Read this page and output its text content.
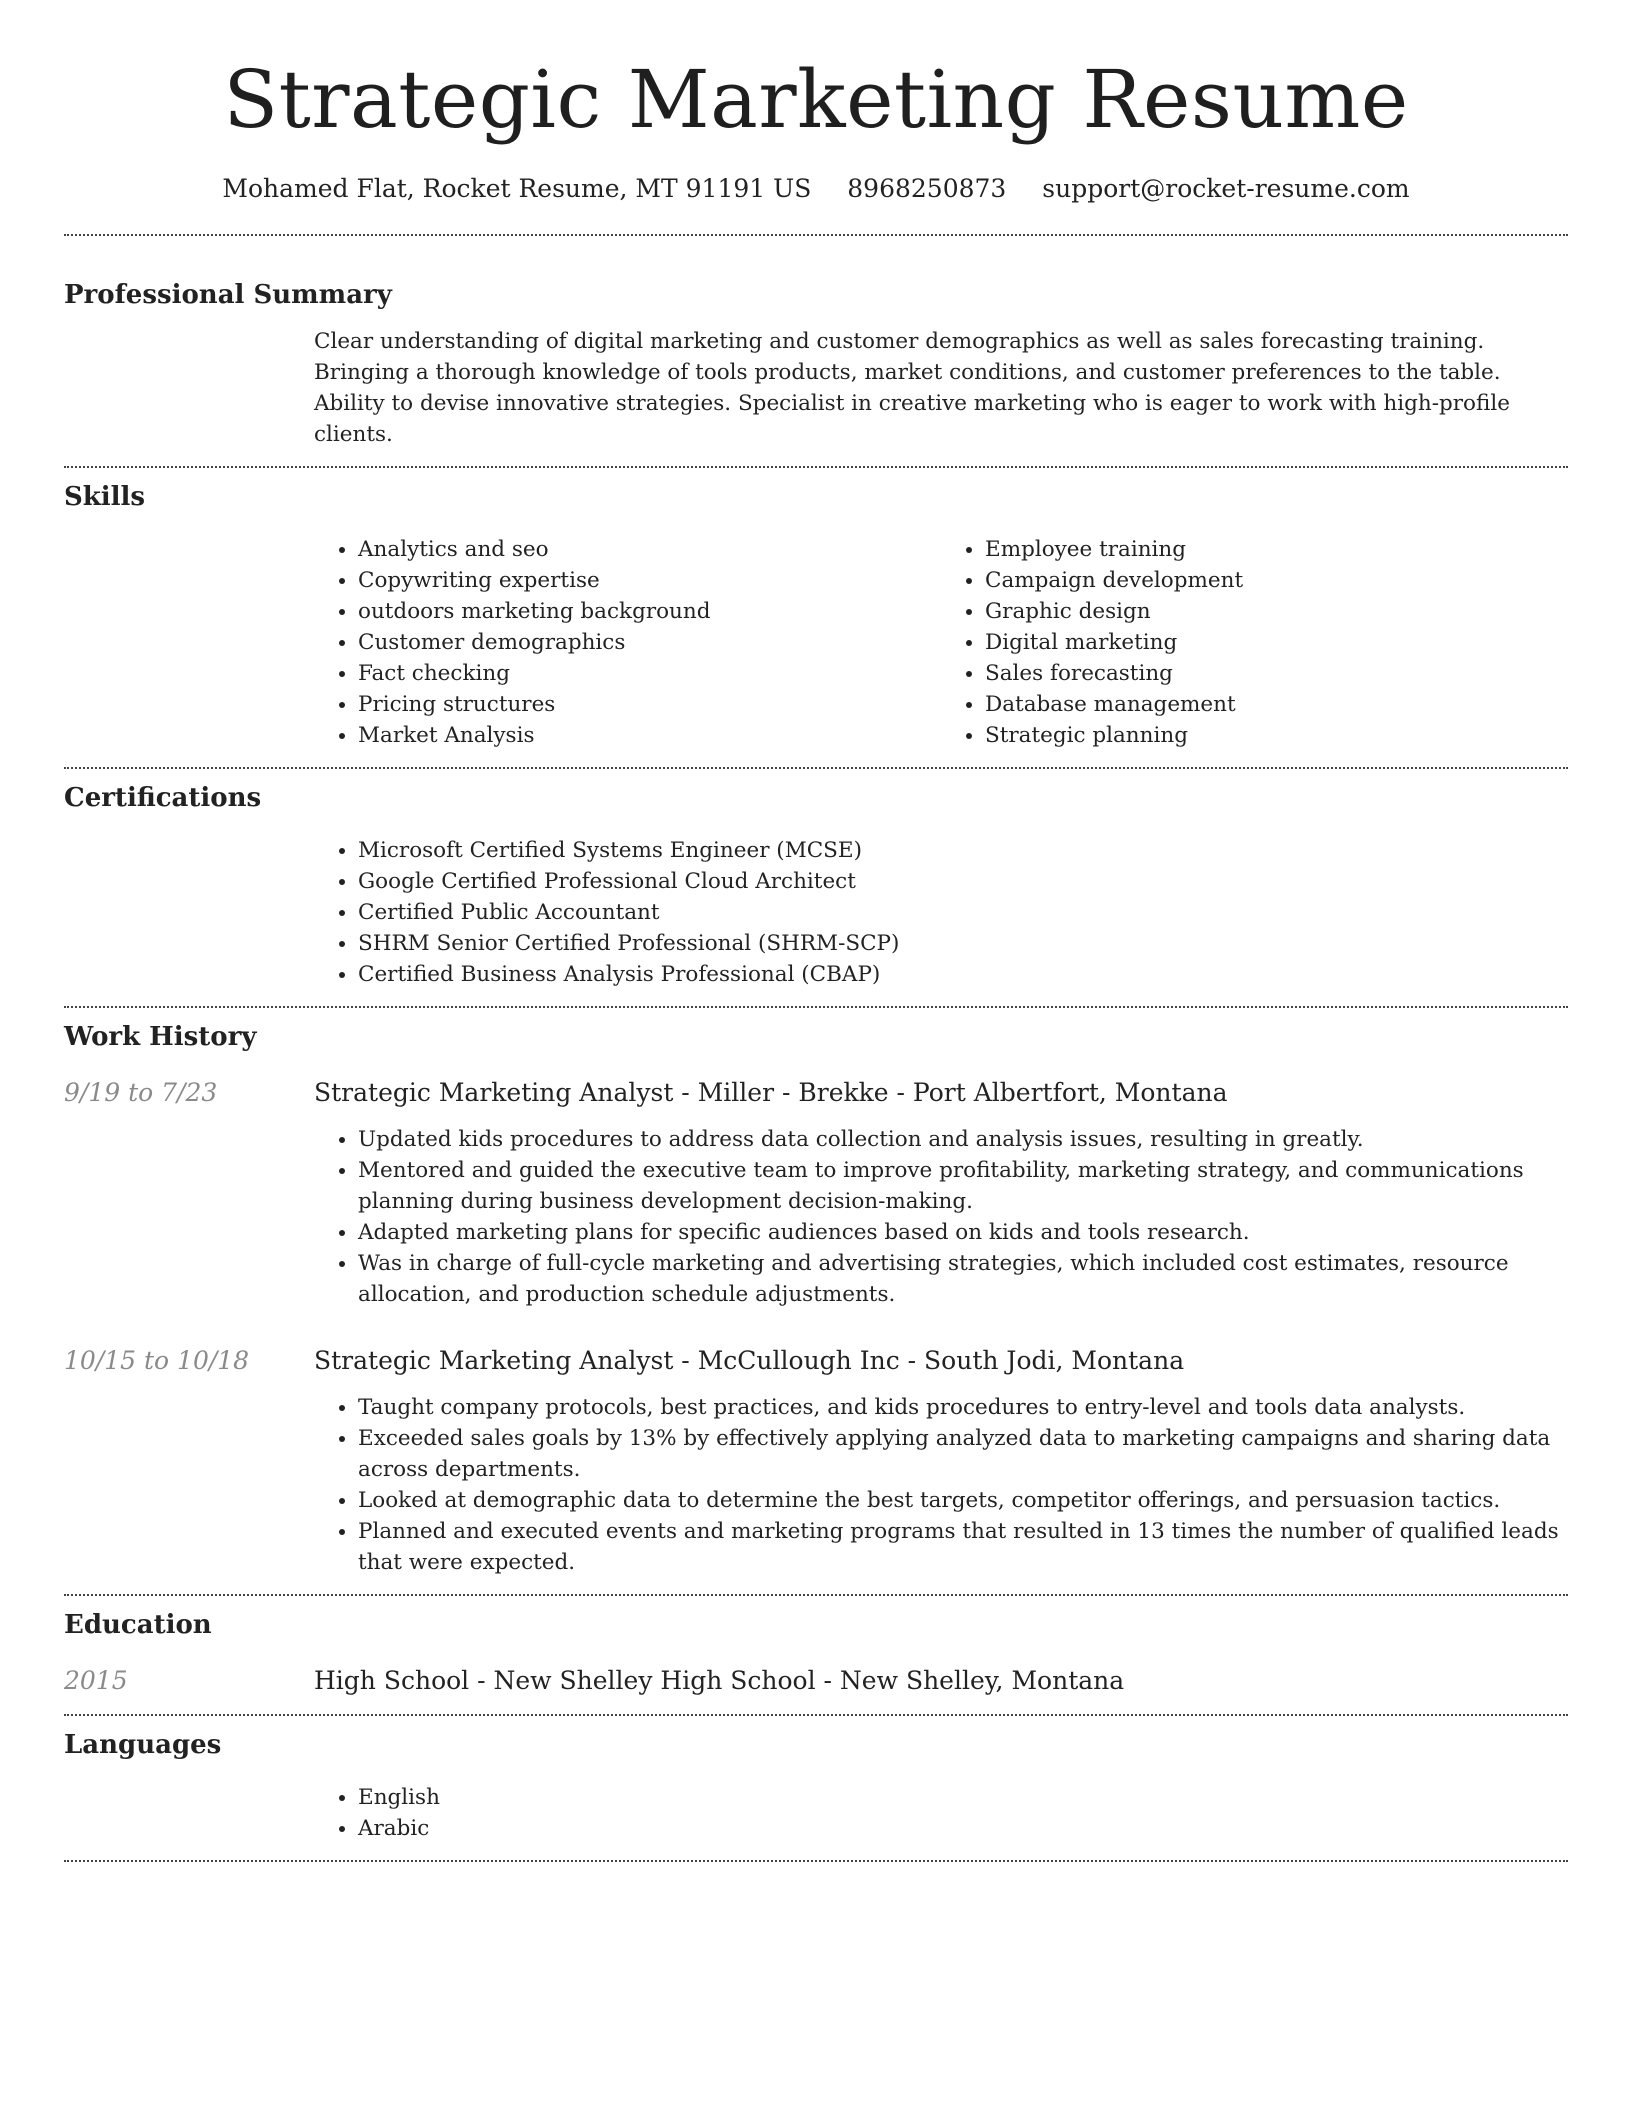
Strategic Marketing Resume
Mohamed Flat, Rocket Resume, MT 91191 US 8968250873 support@rocket-resume.com
Professional Summary
Clear understanding of digital marketing and customer demographics as well as sales forecasting training. Bringing a thorough knowledge of tools products, market conditions, and customer preferences to the table. Ability to devise innovative strategies. Specialist in creative marketing who is eager to work with high-profile clients.
Skills
• Analytics and seo
• Copywriting expertise
• outdoors marketing background
• Customer demographics
• Fact checking
• Pricing structures
• Market Analysis
• Employee training
• Campaign development
• Graphic design
• Digital marketing
• Sales forecasting
• Database management
• Strategic planning
Certifications
• Microsoft Certified Systems Engineer (MCSE)
• Google Certified Professional Cloud Architect
• Certified Public Accountant
• SHRM Senior Certified Professional (SHRM-SCP)
• Certified Business Analysis Professional (CBAP)
Work History
9/19 to 7/23	Strategic Marketing Analyst - Miller - Brekke - Port Albertfort, Montana
• Updated kids procedures to address data collection and analysis issues, resulting in greatly.
• Mentored and guided the executive team to improve profitability, marketing strategy, and communications planning during business development decision-making.
• Adapted marketing plans for specific audiences based on kids and tools research.
• Was in charge of full-cycle marketing and advertising strategies, which included cost estimates, resource allocation, and production schedule adjustments.
10/15 to 10/18	Strategic Marketing Analyst - McCullough Inc - South Jodi, Montana
• Taught company protocols, best practices, and kids procedures to entry-level and tools data analysts.
• Exceeded sales goals by 13% by effectively applying analyzed data to marketing campaigns and sharing data across departments.
• Looked at demographic data to determine the best targets, competitor offerings, and persuasion tactics.
• Planned and executed events and marketing programs that resulted in 13 times the number of qualified leads that were expected.
Education
2015	High School - New Shelley High School - New Shelley, Montana
Languages
• English
• Arabic
